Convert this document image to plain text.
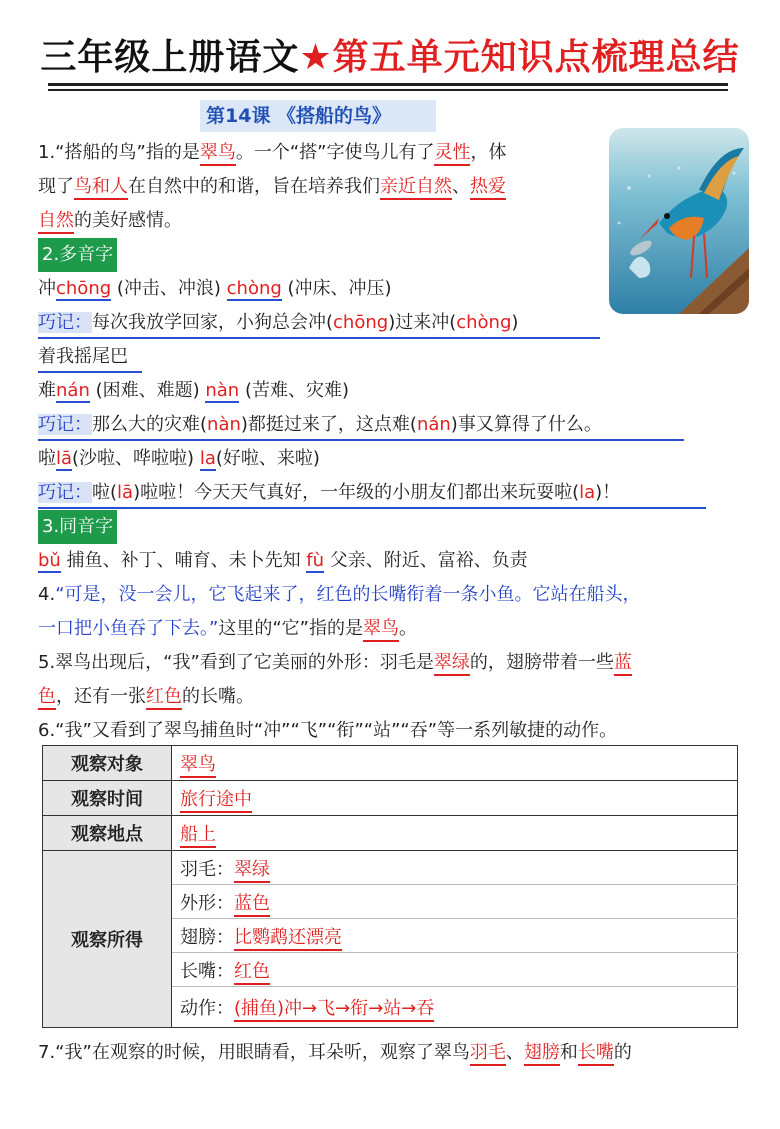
三年级上册语文★第五单元知识点梳理总结
第14课 《搭船的鸟》
1.“搭船的鸟”指的是翠鸟。一个“搭”字使鸟儿有了灵性，体
现了鸟和人在自然中的和谐，旨在培养我们亲近自然、热爱
自然的美好感情。
2.多音字
冲chōng (冲击、冲浪) chòng (冲床、冲压)
巧记：每次我放学回家，小狗总会冲(chōng)过来冲(chòng)
着我摇尾巴
难nán (困难、难题) nàn (苦难、灾难)
巧记：那么大的灾难(nàn)都挺过来了，这点难(nán)事又算得了什么。
啦lā(沙啦、哗啦啦) la(好啦、来啦)
巧记：啦(lā)啦啦！今天天气真好，一年级的小朋友们都出来玩耍啦(la)！
3.同音字
bǔ 捕鱼、补丁、哺育、未卜先知 fù 父亲、附近、富裕、负责
4.“可是，没一会儿，它飞起来了，红色的长嘴衔着一条小鱼。它站在船头，
一口把小鱼吞了下去。”这里的“它”指的是翠鸟。
5.翠鸟出现后，“我”看到了它美丽的外形：羽毛是翠绿的，翅膀带着一些蓝
色，还有一张红色的长嘴。
6.“我”又看到了翠鸟捕鱼时“冲”“飞”“衔”“站”“吞”等一系列敏捷的动作。
观察对象	翠鸟
观察时间	旅行途中
观察地点	船上
观察所得	羽毛：翠绿
	外形：蓝色
	翅膀：比鹦鹉还漂亮
	长嘴：红色
	动作：(捕鱼)冲→飞→衔→站→吞
7.“我”在观察的时候，用眼睛看，耳朵听，观察了翠鸟羽毛、翅膀和长嘴的
